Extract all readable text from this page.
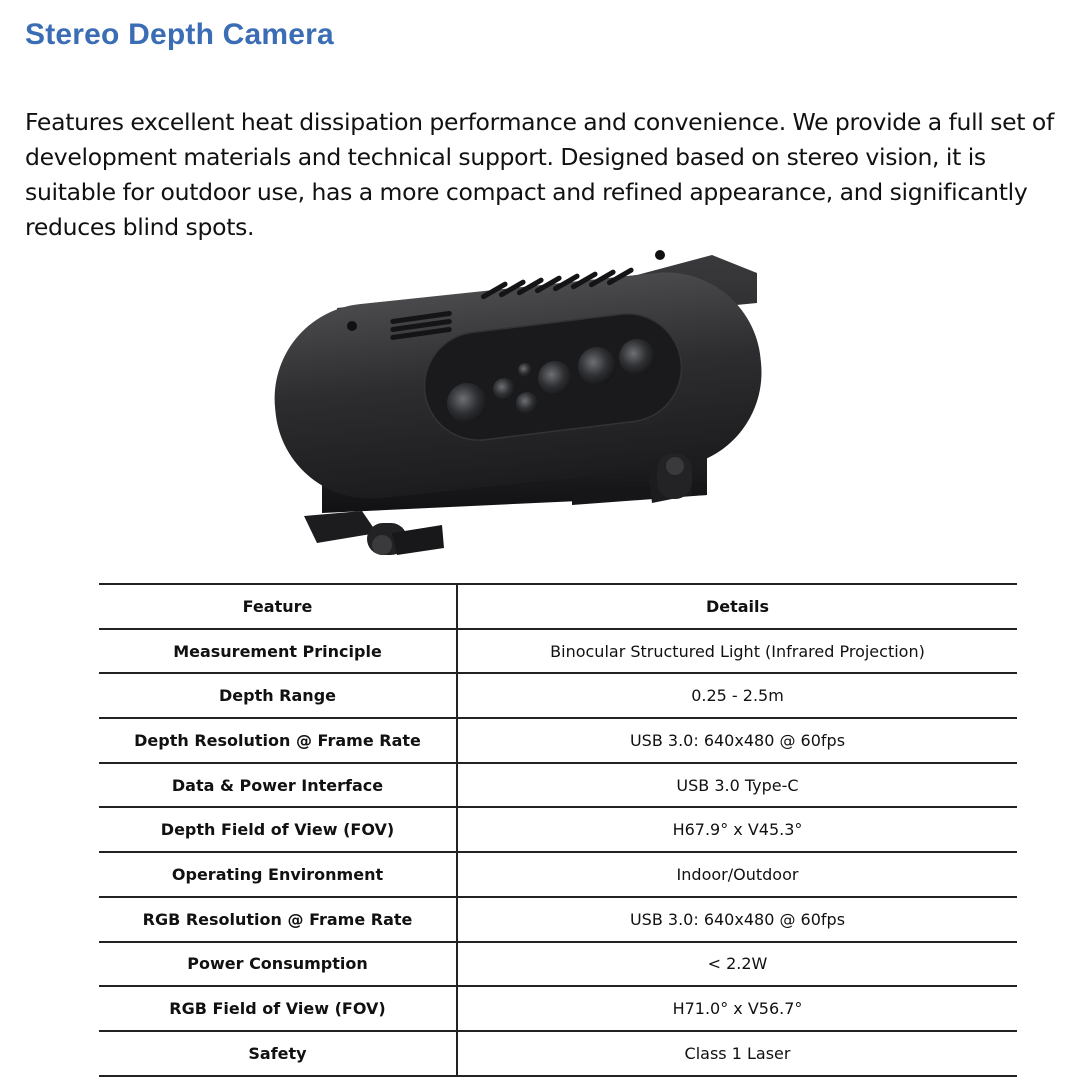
Stereo Depth Camera

Features excellent heat dissipation performance and convenience. We provide a full set of development materials and technical support. Designed based on stereo vision, it is suitable for outdoor use, has a more compact and refined appearance, and significantly reduces blind spots.

Feature	Details
Measurement Principle	Binocular Structured Light (Infrared Projection)
Depth Range	0.25 - 2.5m
Depth Resolution @ Frame Rate	USB 3.0: 640x480 @ 60fps
Data & Power Interface	USB 3.0 Type-C
Depth Field of View (FOV)	H67.9° x V45.3°
Operating Environment	Indoor/Outdoor
RGB Resolution @ Frame Rate	USB 3.0: 640x480 @ 60fps
Power Consumption	< 2.2W
RGB Field of View (FOV)	H71.0° x V56.7°
Safety	Class 1 Laser
